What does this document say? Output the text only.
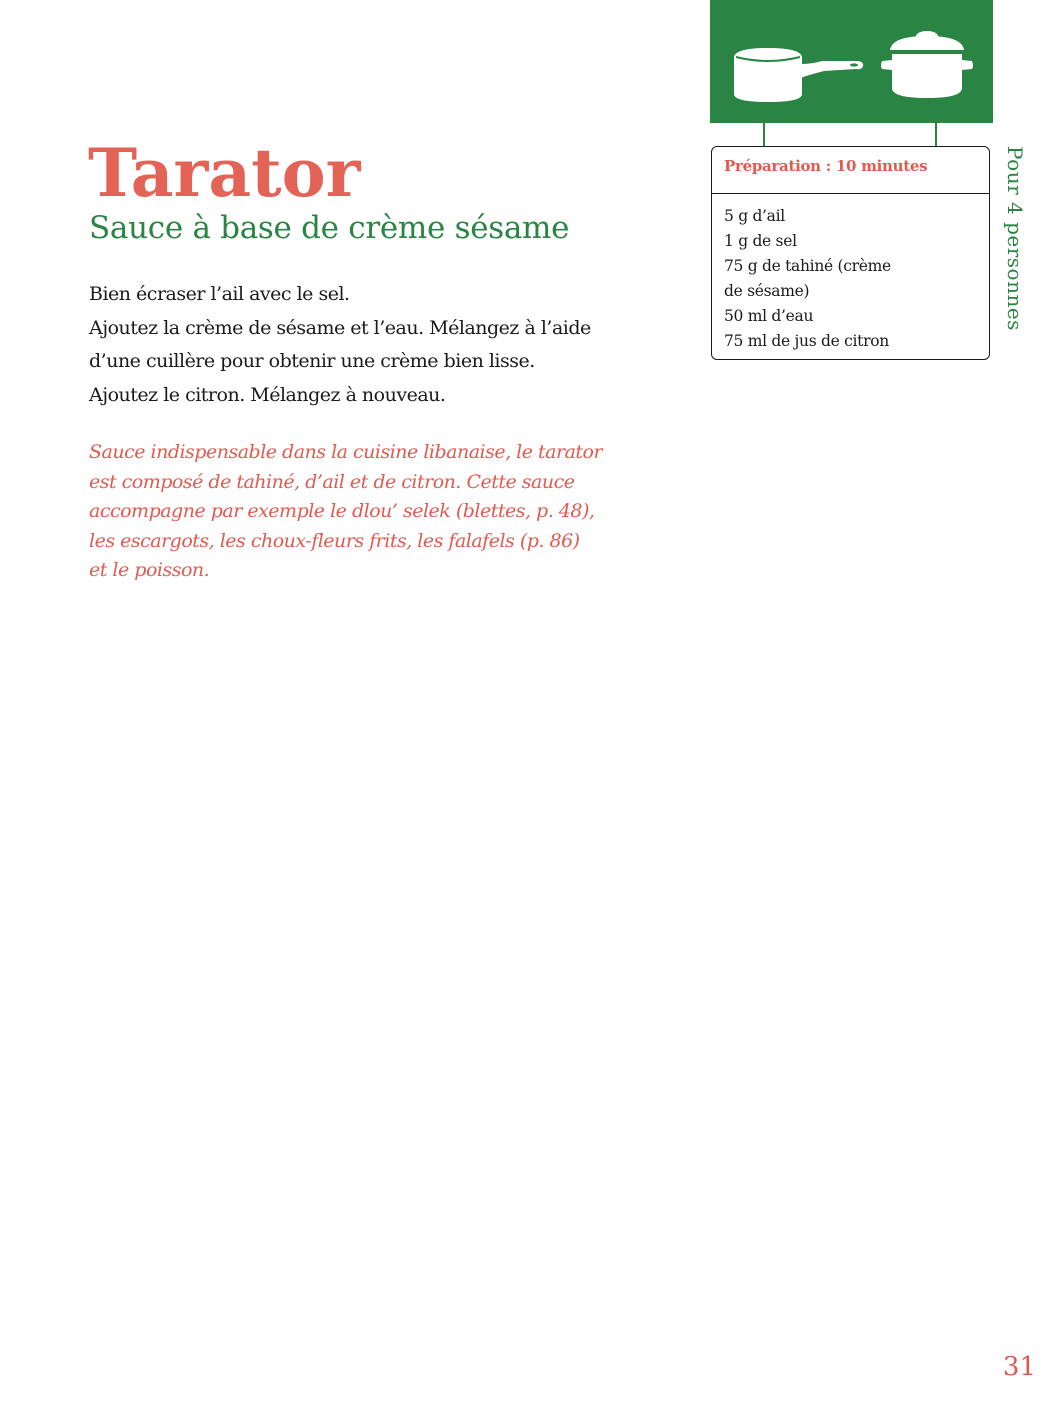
Tarator
Sauce à base de crème sésame
Bien écraser l’ail avec le sel.
Ajoutez la crème de sésame et l’eau. Mélangez à l’aide
d’une cuillère pour obtenir une crème bien lisse.
Ajoutez le citron. Mélangez à nouveau.
Sauce indispensable dans la cuisine libanaise, le tarator
est composé de tahiné, d’ail et de citron. Cette sauce
accompagne par exemple le dlou’ selek (blettes, p. 48),
les escargots, les choux-fleurs frits, les falafels (p. 86)
et le poisson.
Préparation : 10 minutes
5 g d’ail
1 g de sel
75 g de tahiné (crème
de sésame)
50 ml d’eau
75 ml de jus de citron
Pour 4 personnes
31
